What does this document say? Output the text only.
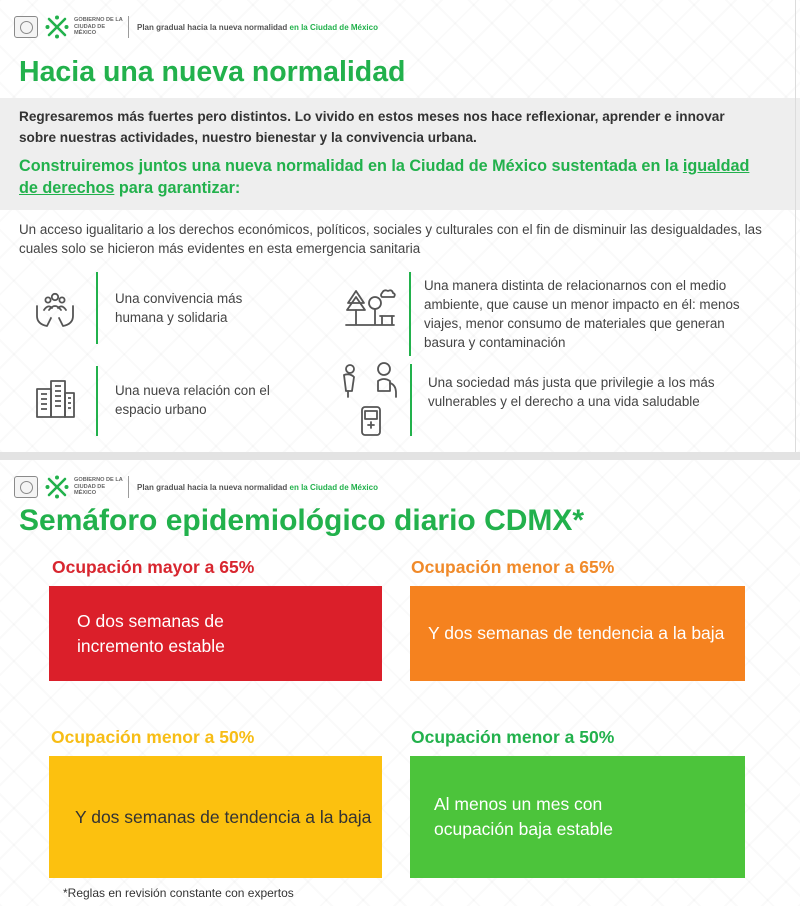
GOBIERNO DE LA CIUDAD DE MÉXICO
Plan gradual hacia la nueva normalidad en la Ciudad de México
Hacia una nueva normalidad

Regresaremos más fuertes pero distintos. Lo vivido en estos meses nos hace reflexionar, aprender e innovar sobre nuestras actividades, nuestro bienestar y la convivencia urbana.

Construiremos juntos una nueva normalidad en la Ciudad de México sustentada en la igualdad de derechos para garantizar:

Un acceso igualitario a los derechos económicos, políticos, sociales y culturales con el fin de disminuir las desigualdades, las cuales solo se hicieron más evidentes en esta emergencia sanitaria

Una convivencia más humana y solidaria

Una manera distinta de relacionarnos con el medio ambiente, que cause un menor impacto en él: menos viajes, menor consumo de materiales que generan basura y contaminación

Una nueva relación con el espacio urbano

Una sociedad más justa que privilegie a los más vulnerables y el derecho a una vida saludable

GOBIERNO DE LA CIUDAD DE MÉXICO
Plan gradual hacia la nueva normalidad en la Ciudad de México
Semáforo epidemiológico diario CDMX*
Ocupación mayor a 65%
O dos semanas de incremento estable
Ocupación menor a 65%
Y dos semanas de tendencia a la baja
Ocupación menor a 50%
Y dos semanas de tendencia a la baja
Ocupación menor a 50%
Al menos un mes con ocupación baja estable

*Reglas en revisión constante con expertos
